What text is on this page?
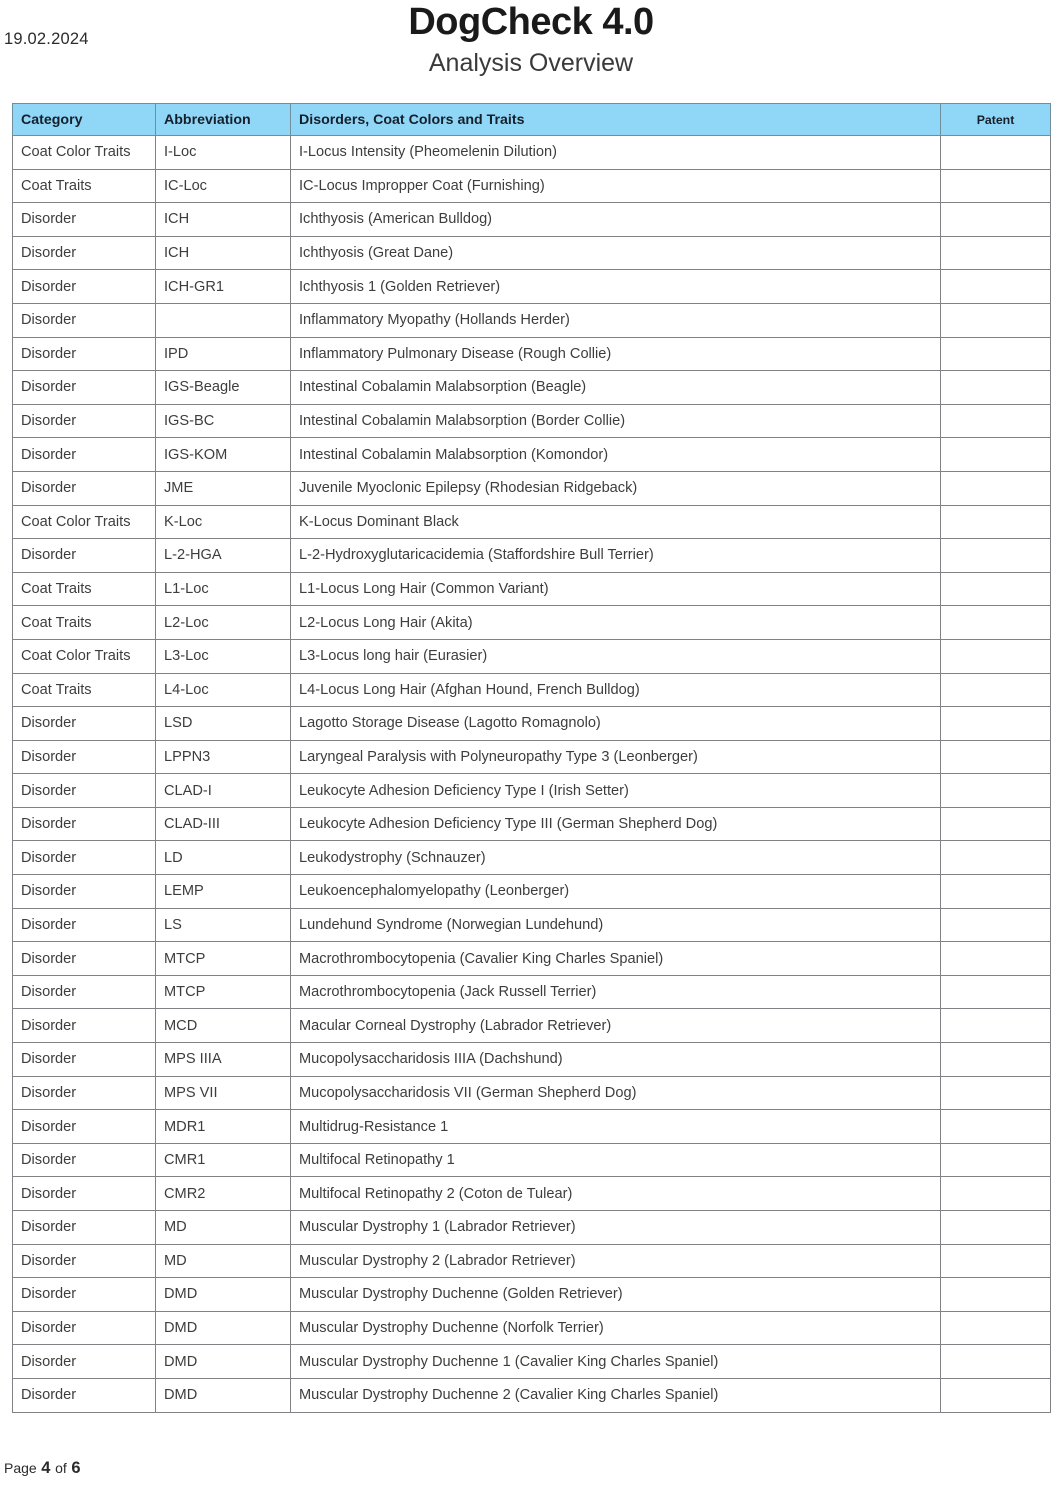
19.02.2024	DogCheck 4.0
Analysis Overview
Category	Abbreviation	Disorders, Coat Colors and Traits	Patent
Coat Color Traits	I-Loc	I-Locus Intensity (Pheomelenin Dilution)	
Coat Traits	IC-Loc	IC-Locus Impropper Coat (Furnishing)	
Disorder	ICH	Ichthyosis (American Bulldog)	
Disorder	ICH	Ichthyosis (Great Dane)	
Disorder	ICH-GR1	Ichthyosis 1 (Golden Retriever)	
Disorder		Inflammatory Myopathy (Hollands Herder)	
Disorder	IPD	Inflammatory Pulmonary Disease (Rough Collie)	
Disorder	IGS-Beagle	Intestinal Cobalamin Malabsorption (Beagle)	
Disorder	IGS-BC	Intestinal Cobalamin Malabsorption (Border Collie)	
Disorder	IGS-KOM	Intestinal Cobalamin Malabsorption (Komondor)	
Disorder	JME	Juvenile Myoclonic Epilepsy (Rhodesian Ridgeback)	
Coat Color Traits	K-Loc	K-Locus Dominant Black	
Disorder	L-2-HGA	L-2-Hydroxyglutaricacidemia (Staffordshire Bull Terrier)	
Coat Traits	L1-Loc	L1-Locus Long Hair (Common Variant)	
Coat Traits	L2-Loc	L2-Locus Long Hair (Akita)	
Coat Color Traits	L3-Loc	L3-Locus long hair (Eurasier)	
Coat Traits	L4-Loc	L4-Locus Long Hair (Afghan Hound, French Bulldog)	
Disorder	LSD	Lagotto Storage Disease (Lagotto Romagnolo)	
Disorder	LPPN3	Laryngeal Paralysis with Polyneuropathy Type 3 (Leonberger)	
Disorder	CLAD-I	Leukocyte Adhesion Deficiency Type I (Irish Setter)	
Disorder	CLAD-III	Leukocyte Adhesion Deficiency Type III (German Shepherd Dog)	
Disorder	LD	Leukodystrophy (Schnauzer)	
Disorder	LEMP	Leukoencephalomyelopathy (Leonberger)	
Disorder	LS	Lundehund Syndrome (Norwegian Lundehund)	
Disorder	MTCP	Macrothrombocytopenia (Cavalier King Charles Spaniel)	
Disorder	MTCP	Macrothrombocytopenia (Jack Russell Terrier)	
Disorder	MCD	Macular Corneal Dystrophy (Labrador Retriever)	
Disorder	MPS IIIA	Mucopolysaccharidosis IIIA (Dachshund)	
Disorder	MPS VII	Mucopolysaccharidosis VII (German Shepherd Dog)	
Disorder	MDR1	Multidrug-Resistance 1	
Disorder	CMR1	Multifocal Retinopathy 1	
Disorder	CMR2	Multifocal Retinopathy 2 (Coton de Tulear)	
Disorder	MD	Muscular Dystrophy 1 (Labrador Retriever)	
Disorder	MD	Muscular Dystrophy 2 (Labrador Retriever)	
Disorder	DMD	Muscular Dystrophy Duchenne (Golden Retriever)	
Disorder	DMD	Muscular Dystrophy Duchenne (Norfolk Terrier)	
Disorder	DMD	Muscular Dystrophy Duchenne 1 (Cavalier King Charles Spaniel)	
Disorder	DMD	Muscular Dystrophy Duchenne 2 (Cavalier King Charles Spaniel)	
Page 4 of 6
